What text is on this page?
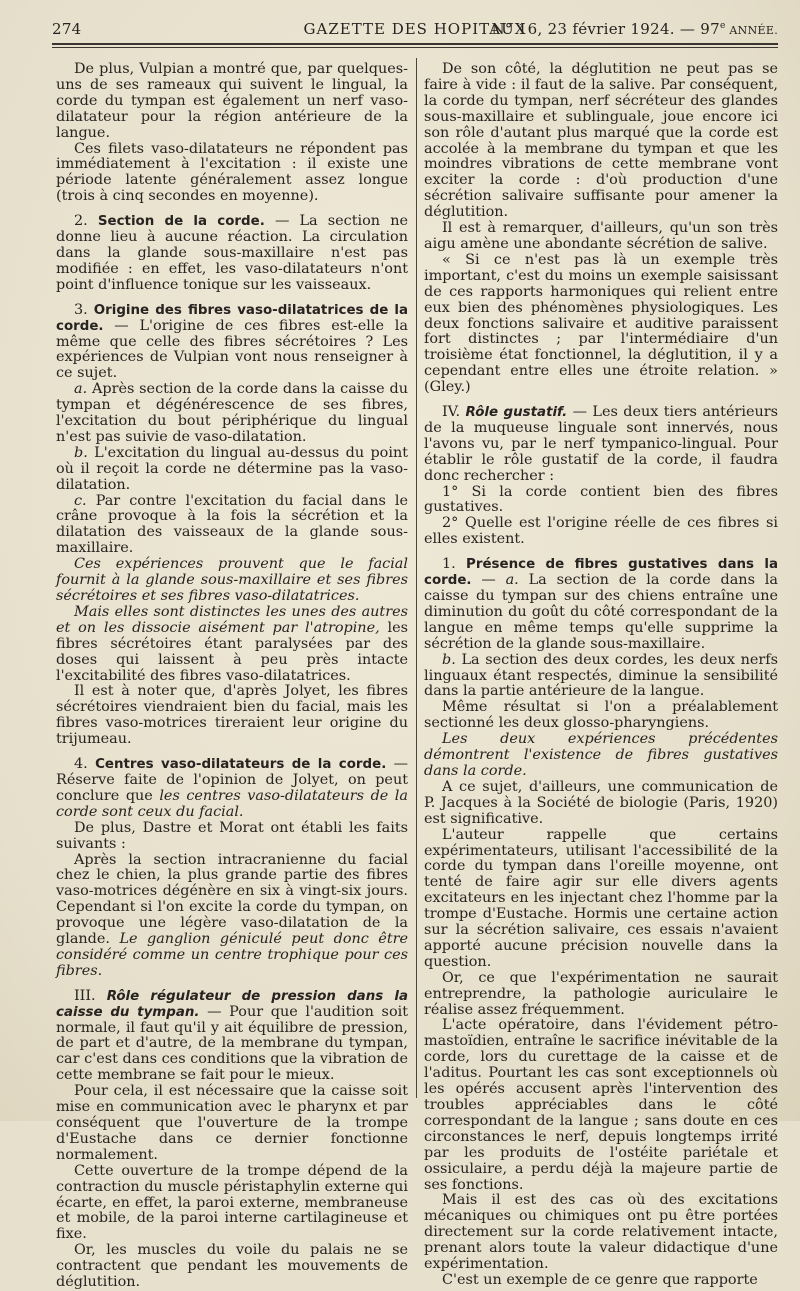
274	GAZETTE DES HOPITAUX
N° 16, 23 février 1924. — 97e ANNÉE.

De plus, Vulpian a montré que, par quelques-uns de ses rameaux qui suivent le lingual, la corde du tympan est également un nerf vaso-dilatateur pour la région antérieure de la langue.

Ces filets vaso-dilatateurs ne répondent pas immédiatement à l'excitation : il existe une période latente généralement assez longue (trois à cinq secondes en moyenne).

2. Section de la corde. — La section ne donne lieu à aucune réaction. La circulation dans la glande sous-maxillaire n'est pas modifiée : en effet, les vaso-dilatateurs n'ont point d'influence tonique sur les vaisseaux.

3. Origine des fibres vaso-dilatatrices de la corde. — L'origine de ces fibres est-elle la même que celle des fibres sécrétoires ? Les expériences de Vulpian vont nous renseigner à ce sujet.

a. Après section de la corde dans la caisse du tympan et dégénérescence de ses fibres, l'excitation du bout périphérique du lingual n'est pas suivie de vaso-dilatation.

b. L'excitation du lingual au-dessus du point où il reçoit la corde ne détermine pas la vaso-dilatation.

c. Par contre l'excitation du facial dans le crâne provoque à la fois la sécrétion et la dilatation des vaisseaux de la glande sous-maxillaire.

Ces expériences prouvent que le facial fournit à la glande sous-maxillaire et ses fibres sécrétoires et ses fibres vaso-dilatatrices.

Mais elles sont distinctes les unes des autres et on les dissocie aisément par l'atropine, les fibres sécrétoires étant paralysées par des doses qui laissent à peu près intacte l'excitabilité des fibres vaso-dilatatrices.

Il est à noter que, d'après Jolyet, les fibres sécrétoires viendraient bien du facial, mais les fibres vaso-motrices tireraient leur origine du trijumeau.

4. Centres vaso-dilatateurs de la corde. — Réserve faite de l'opinion de Jolyet, on peut conclure que les centres vaso-dilatateurs de la corde sont ceux du facial.

De plus, Dastre et Morat ont établi les faits suivants :

Après la section intracranienne du facial chez le chien, la plus grande partie des fibres vaso-motrices dégénère en six à vingt-six jours. Cependant si l'on excite la corde du tympan, on provoque une légère vaso-dilatation de la glande. Le ganglion géniculé peut donc être considéré comme un centre trophique pour ces fibres.

III. Rôle régulateur de pression dans la caisse du tympan. — Pour que l'audition soit normale, il faut qu'il y ait équilibre de pression, de part et d'autre, de la membrane du tympan, car c'est dans ces conditions que la vibration de cette membrane se fait pour le mieux.

Pour cela, il est nécessaire que la caisse soit mise en communication avec le pharynx et par conséquent que l'ouverture de la trompe d'Eustache dans ce dernier fonctionne normalement.

Cette ouverture de la trompe dépend de la contraction du muscle péristaphylin externe qui écarte, en effet, la paroi externe, membraneuse et mobile, de la paroi interne cartilagineuse et fixe.

Or, les muscles du voile du palais ne se contractent que pendant les mouvements de déglutition.

De son côté, la déglutition ne peut pas se faire à vide : il faut de la salive. Par conséquent, la corde du tympan, nerf sécréteur des glandes sous-maxillaire et sublinguale, joue encore ici son rôle d'autant plus marqué que la corde est accolée à la membrane du tympan et que les moindres vibrations de cette membrane vont exciter la corde : d'où production d'une sécrétion salivaire suffisante pour amener la déglutition.

Il est à remarquer, d'ailleurs, qu'un son très aigu amène une abondante sécrétion de salive.

« Si ce n'est pas là un exemple très important, c'est du moins un exemple saisissant de ces rapports harmoniques qui relient entre eux bien des phénomènes physiologiques. Les deux fonctions salivaire et auditive paraissent fort distinctes ; par l'intermédiaire d'un troisième état fonctionnel, la déglutition, il y a cependant entre elles une étroite relation. » (Gley.)

IV. Rôle gustatif. — Les deux tiers antérieurs de la muqueuse linguale sont innervés, nous l'avons vu, par le nerf tympanico-lingual. Pour établir le rôle gustatif de la corde, il faudra donc rechercher :

1° Si la corde contient bien des fibres gustatives.

2° Quelle est l'origine réelle de ces fibres si elles existent.

1. Présence de fibres gustatives dans la corde. — a. La section de la corde dans la caisse du tympan sur des chiens entraîne une diminution du goût du côté correspondant de la langue en même temps qu'elle supprime la sécrétion de la glande sous-maxillaire.

b. La section des deux cordes, les deux nerfs linguaux étant respectés, diminue la sensibilité dans la partie antérieure de la langue.

Même résultat si l'on a préalablement sectionné les deux glosso-pharyngiens.

Les deux expériences précédentes démontrent l'existence de fibres gustatives dans la corde.

A ce sujet, d'ailleurs, une communication de P. Jacques à la Société de biologie (Paris, 1920) est significative.

L'auteur rappelle que certains expérimentateurs, utilisant l'accessibilité de la corde du tympan dans l'oreille moyenne, ont tenté de faire agir sur elle divers agents excitateurs en les injectant chez l'homme par la trompe d'Eustache. Hormis une certaine action sur la sécrétion salivaire, ces essais n'avaient apporté aucune précision nouvelle dans la question.

Or, ce que l'expérimentation ne saurait entreprendre, la pathologie auriculaire le réalise assez fréquemment.

L'acte opératoire, dans l'évidement pétro-mastoïdien, entraîne le sacrifice inévitable de la corde, lors du curettage de la caisse et de l'aditus. Pourtant les cas sont exceptionnels où les opérés accusent après l'intervention des troubles appréciables dans le côté correspondant de la langue ; sans doute en ces circonstances le nerf, depuis longtemps irrité par les produits de l'ostéite pariétale et ossiculaire, a perdu déjà la majeure partie de ses fonctions.

Mais il est des cas où des excitations mécaniques ou chimiques ont pu être portées directement sur la corde relativement intacte, prenant alors toute la valeur didactique d'une expérimentation.

C'est un exemple de ce genre que rapporte
